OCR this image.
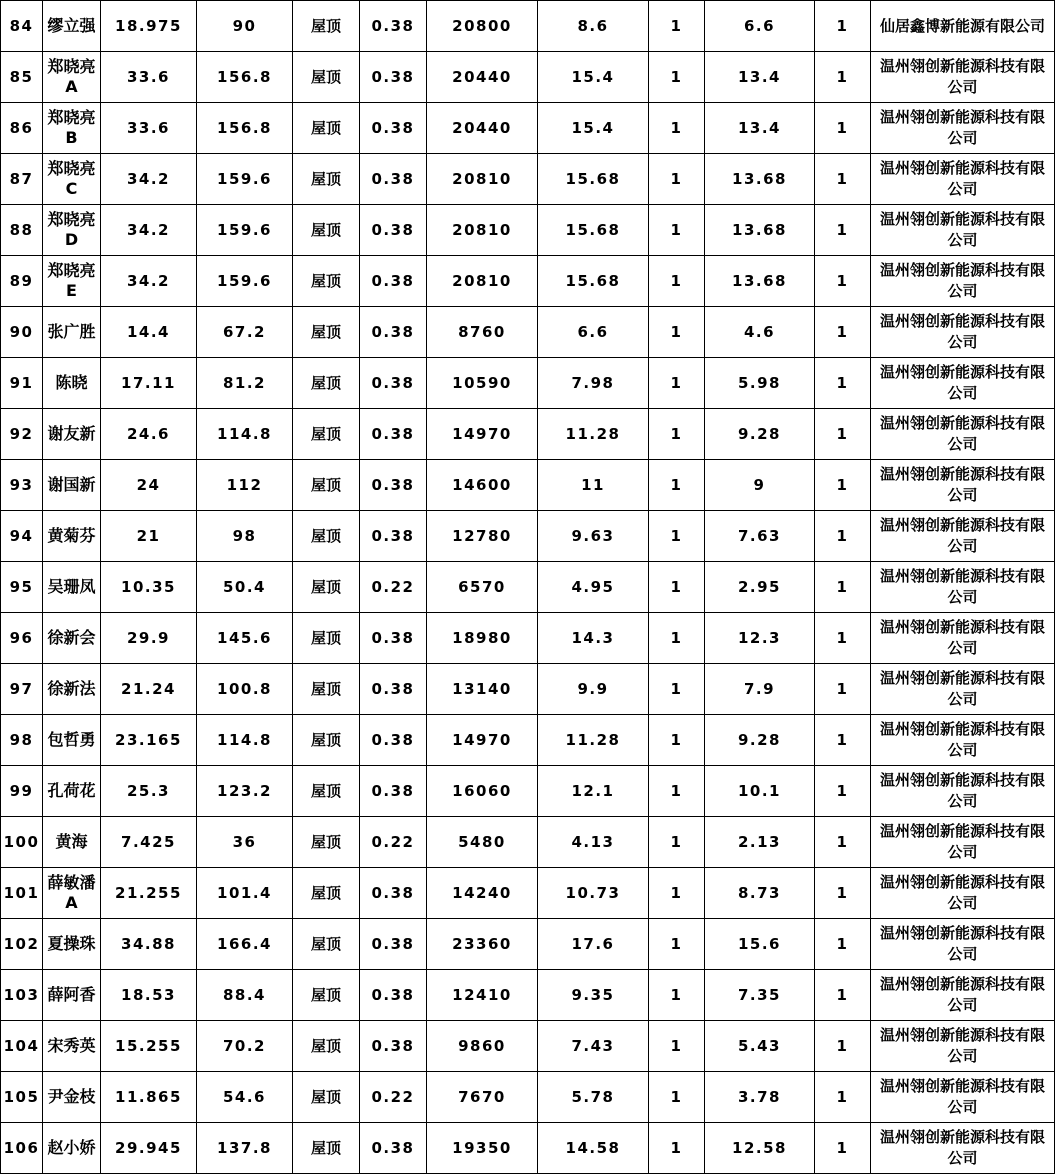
84	缪立强	18.975	90	屋顶	0.38	20800	8.6	1	6.6	1	仙居鑫博新能源有限公司
85	郑晓亮A	33.6	156.8	屋顶	0.38	20440	15.4	1	13.4	1	温州翎创新能源科技有限公司
86	郑晓亮B	33.6	156.8	屋顶	0.38	20440	15.4	1	13.4	1	温州翎创新能源科技有限公司
87	郑晓亮C	34.2	159.6	屋顶	0.38	20810	15.68	1	13.68	1	温州翎创新能源科技有限公司
88	郑晓亮D	34.2	159.6	屋顶	0.38	20810	15.68	1	13.68	1	温州翎创新能源科技有限公司
89	郑晓亮E	34.2	159.6	屋顶	0.38	20810	15.68	1	13.68	1	温州翎创新能源科技有限公司
90	张广胜	14.4	67.2	屋顶	0.38	8760	6.6	1	4.6	1	温州翎创新能源科技有限公司
91	陈晓	17.11	81.2	屋顶	0.38	10590	7.98	1	5.98	1	温州翎创新能源科技有限公司
92	谢友新	24.6	114.8	屋顶	0.38	14970	11.28	1	9.28	1	温州翎创新能源科技有限公司
93	谢国新	24	112	屋顶	0.38	14600	11	1	9	1	温州翎创新能源科技有限公司
94	黄菊芬	21	98	屋顶	0.38	12780	9.63	1	7.63	1	温州翎创新能源科技有限公司
95	吴珊凤	10.35	50.4	屋顶	0.22	6570	4.95	1	2.95	1	温州翎创新能源科技有限公司
96	徐新会	29.9	145.6	屋顶	0.38	18980	14.3	1	12.3	1	温州翎创新能源科技有限公司
97	徐新法	21.24	100.8	屋顶	0.38	13140	9.9	1	7.9	1	温州翎创新能源科技有限公司
98	包哲勇	23.165	114.8	屋顶	0.38	14970	11.28	1	9.28	1	温州翎创新能源科技有限公司
99	孔荷花	25.3	123.2	屋顶	0.38	16060	12.1	1	10.1	1	温州翎创新能源科技有限公司
100	黄海	7.425	36	屋顶	0.22	5480	4.13	1	2.13	1	温州翎创新能源科技有限公司
101	薛敏潘A	21.255	101.4	屋顶	0.38	14240	10.73	1	8.73	1	温州翎创新能源科技有限公司
102	夏操珠	34.88	166.4	屋顶	0.38	23360	17.6	1	15.6	1	温州翎创新能源科技有限公司
103	薛阿香	18.53	88.4	屋顶	0.38	12410	9.35	1	7.35	1	温州翎创新能源科技有限公司
104	宋秀英	15.255	70.2	屋顶	0.38	9860	7.43	1	5.43	1	温州翎创新能源科技有限公司
105	尹金枝	11.865	54.6	屋顶	0.22	7670	5.78	1	3.78	1	温州翎创新能源科技有限公司
106	赵小娇	29.945	137.8	屋顶	0.38	19350	14.58	1	12.58	1	温州翎创新能源科技有限公司
